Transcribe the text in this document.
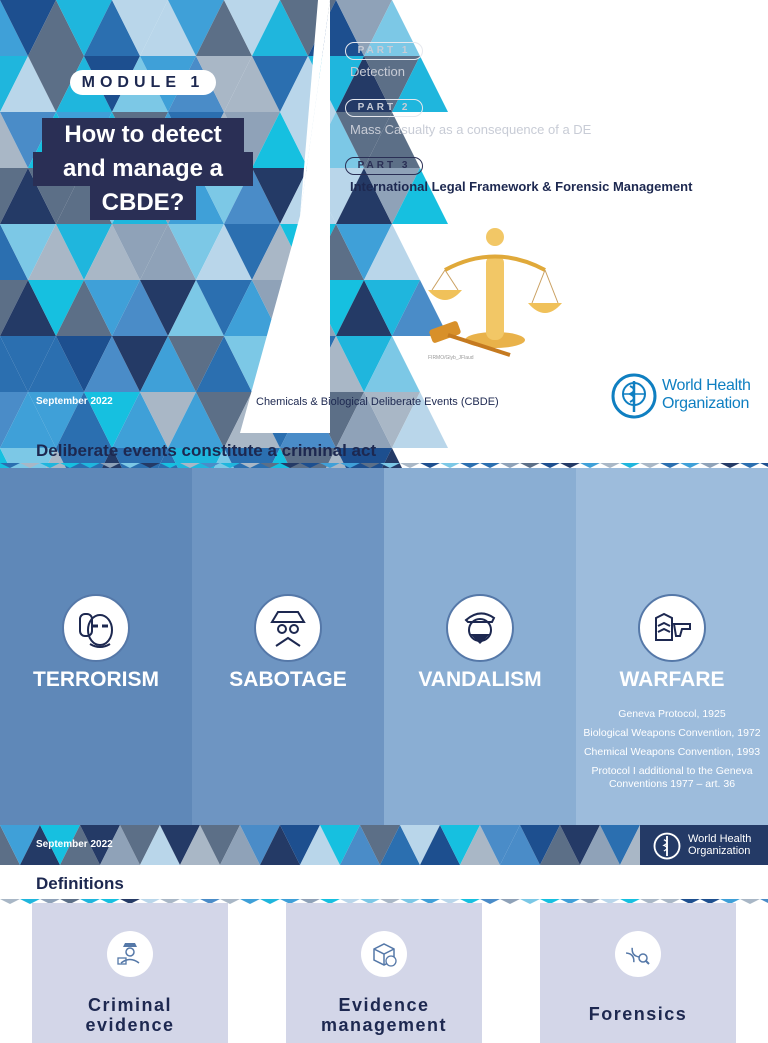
MODULE 1
How to detect
and manage a
CBDE?
PART 1
Detection
PART 2
Mass Casualty as a consequence of a DE
PART 3
International Legal Framework & Forensic Management
FIRMO/Glyb_JFlaud
September 2022	Chemicals & Biological Deliberate Events (CBDE)
World Health
Organization
Deliberate events constitute a criminal act
TERRORISM	SABOTAGE	VANDALISM	WARFARE
Geneva Protocol, 1925
Biological Weapons Convention, 1972
Chemical Weapons Convention, 1993
Protocol I additional to the Geneva Conventions 1977 – art. 36
September 2022	World Health
Organization
Definitions
Criminal
evidence
Evidence
management
Forensics
